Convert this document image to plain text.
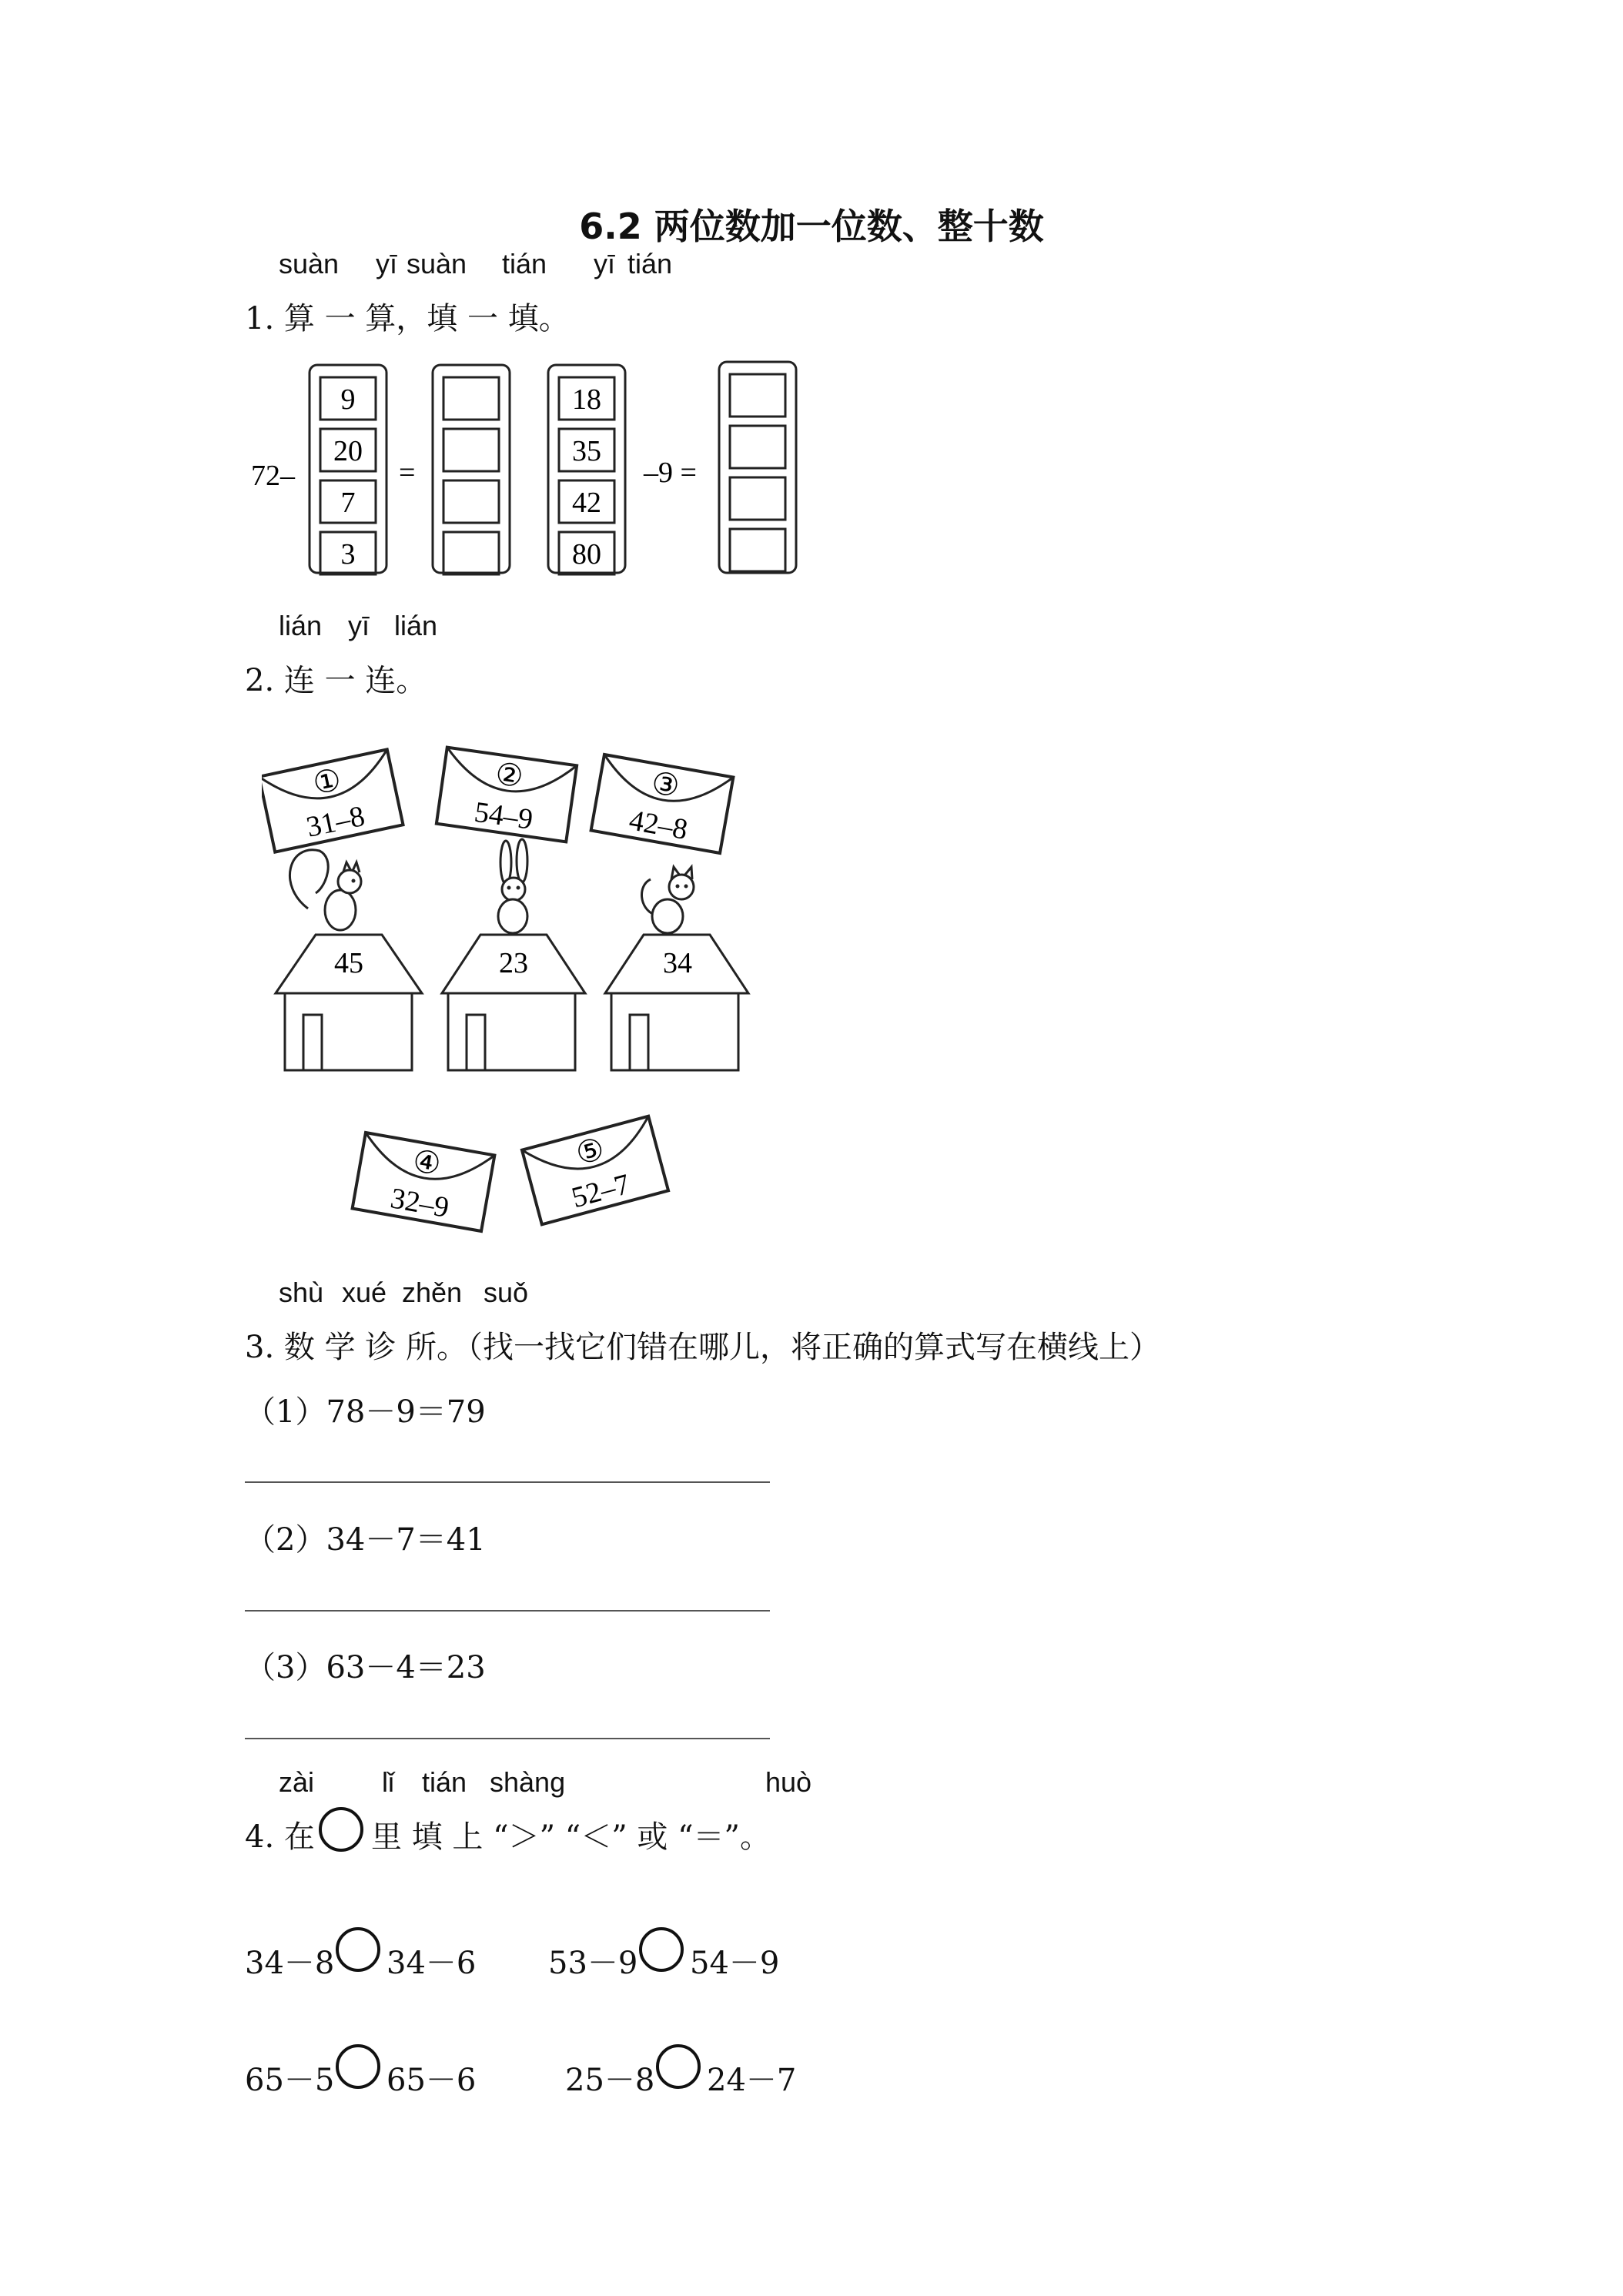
6.2 两位数加一位数、整十数
suàn yī suàn tián yī tián
1. 算 一 算，填 一 填。
72–
9
20
7
3
=
18
35
42
80
–9 =
lián yī lián
2. 连 一 连。
①
31–8
②
54–9
③
42–8
45	23	34
④
32–9
⑤
52–7
shù xué zhěn suǒ
3. 数 学 诊 所。（找一找它们错在哪儿，将正确的算式写在横线上）
（1）78－9＝79
（2）34－7＝41
（3）63－4＝23
zài lǐ tián shàng	huò
4. 在 里 填 上 “＞” “＜” 或 “＝”。
34－8 34－6 53－9 54－9
65－5 65－6	25－8 24－7
